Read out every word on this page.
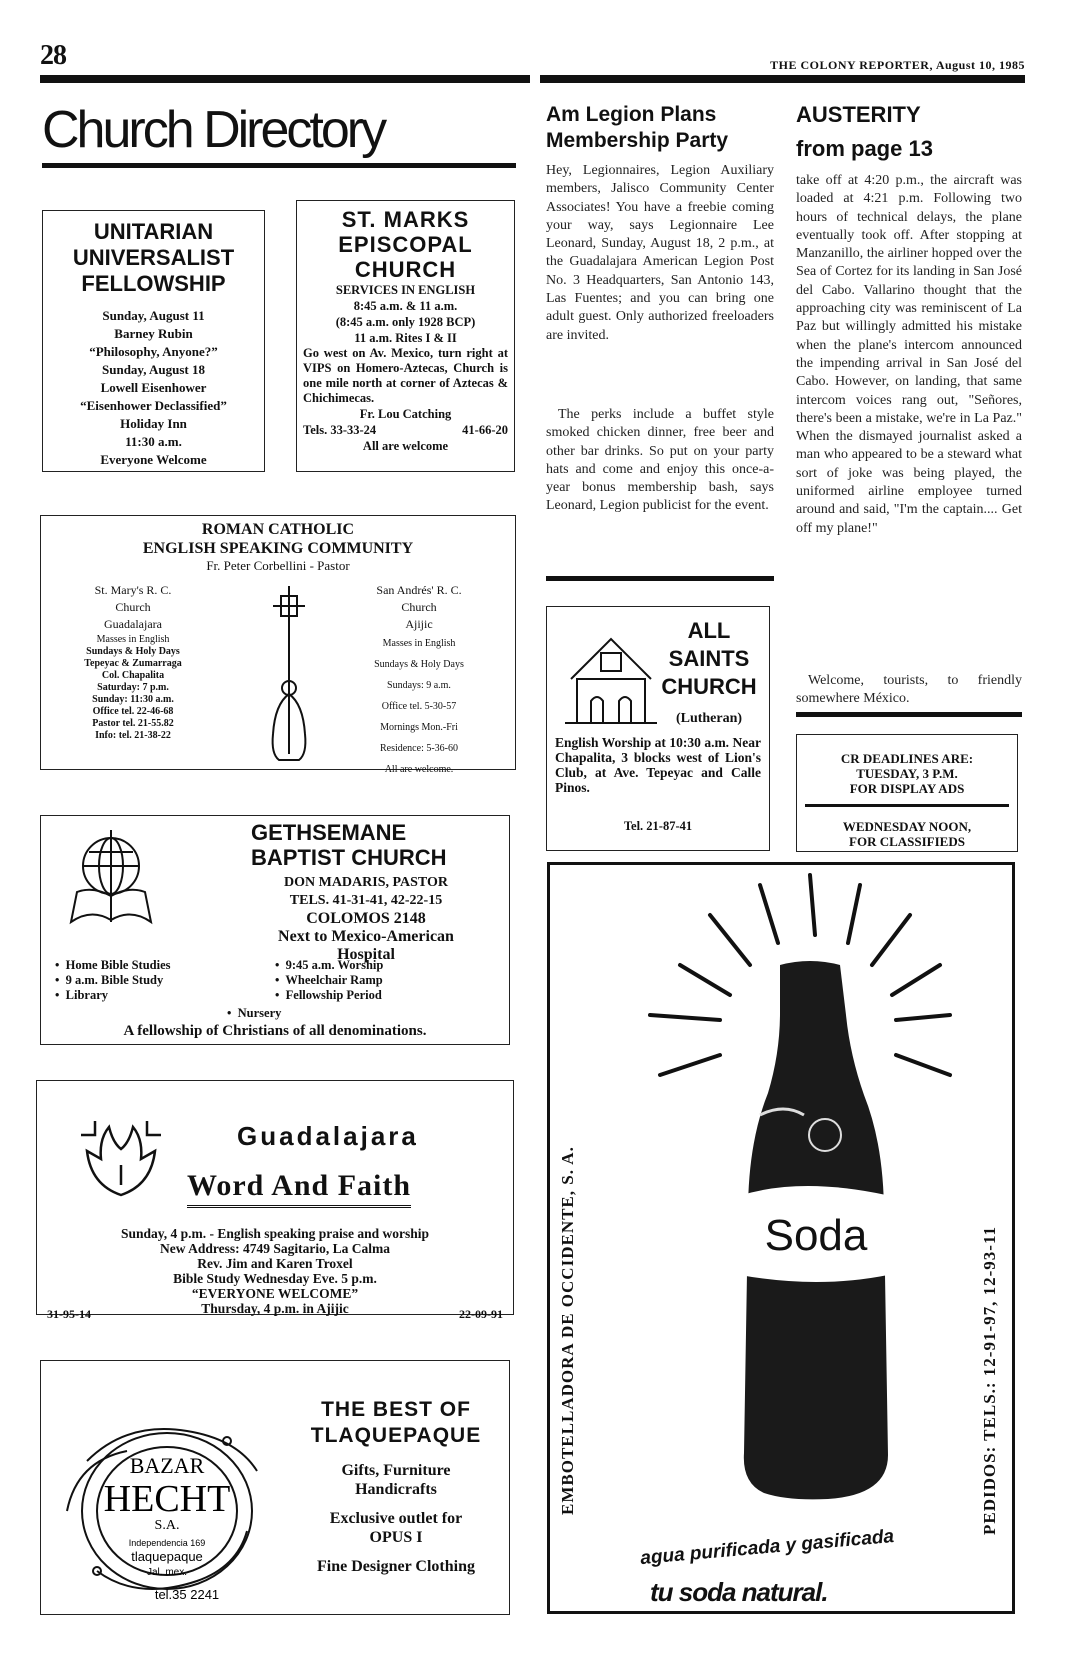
28	THE COLONY REPORTER, August 10, 1985
Church Directory
UNITARIAN
UNIVERSALIST
FELLOWSHIP

Sunday, August 11

Barney Rubin

“Philosophy, Anyone?”

Sunday, August 18

Lowell Eisenhower

“Eisenhower Declassified”

Holiday Inn

11:30 a.m.

Everyone Welcome

ST. MARKS
EPISCOPAL
CHURCH
SERVICES IN ENGLISH
8:45 a.m. & 11 a.m.
(8:45 a.m. only 1928 BCP)
11 a.m. Rites I & II
Go west on Av. Mexico, turn right at VIPS on Homero-Aztecas, Church is one mile north at corner of Aztecas & Chichimecas.
Fr. Lou Catching
Tels. 33-33-24	41-66-20
All are welcome
ROMAN CATHOLIC
ENGLISH SPEAKING COMMUNITY
Fr. Peter Corbellini - Pastor
St. Mary's R. C.
Church
Guadalajara
Masses in English
Sundays & Holy Days
Tepeyac & Zumarraga
Col. Chapalita
Saturday: 7 p.m.
Sunday: 11:30 a.m.
Office tel. 22-46-68
Pastor tel. 21-55.82
Info: tel. 21-38-22
San Andrés' R. C.
Church
Ajijic
Masses in English
Sundays & Holy Days
Sundays: 9 a.m.
Office tel. 5-30-57
Mornings Mon.-Fri
Residence: 5-36-60
All are welcome.
GETHSEMANE
BAPTIST CHURCH
DON MADARIS, PASTOR
TELS. 41-31-41, 42-22-15
COLOMOS 2148
Next to Mexico-American
Hospital
•  Home Bible Studies
•  9 a.m. Bible Study
•  Library
•  9:45 a.m. Worship
•  Wheelchair Ramp
•  Fellowship Period
•  Nursery
A fellowship of Christians of all denominations.
Guadalajara
Word And Faith
Sunday, 4 p.m. - English speaking praise and worship
New Address: 4749 Sagitario, La Calma
Rev. Jim and Karen Troxel
Bible Study Wednesday Eve. 5 p.m.
“EVERYONE WELCOME”
Thursday, 4 p.m. in Ajijic
31-95-14	22-09-91
BAZAR
HECHT
S.A.
Independencia 169
tlaquepaque
Jal. mex.
tel.35 2241
THE BEST OF
TLAQUEPAQUE
Gifts, Furniture
Handicrafts
Exclusive outlet for
OPUS I
Fine Designer Clothing
Am Legion Plans
Membership Party
Hey, Legionnaires, Legion Auxiliary members, Jalisco Community Center Associates! You have a freebie coming your way, says Legionnaire Lee Leonard, Sunday, August 18, 2 p.m., at the Guadalajara American Legion Post No. 3 Headquarters, San Antonio 143, Las Fuentes; and you can bring one adult guest. Only authorized freeloaders are invited.
The perks include a buffet style smoked chicken dinner, free beer and other bar drinks. So put on your party hats and come and enjoy this once-a-year bonus membership bash, says Leonard, Legion publicist for the event.
ALL
SAINTS
CHURCH
(Lutheran)
English Worship at 10:30 a.m. Near Chapalita, 3 blocks west of Lion's Club, at Ave. Tepeyac and Calle Pinos.
Tel. 21-87-41
AUSTERITY
from page 13
take off at 4:20 p.m., the aircraft was loaded at 4:21 p.m. Following two hours of technical delays, the plane eventually took off. After stopping at Manzanillo, the airliner hopped over the Sea of Cortez for its landing in San José del Cabo. Vallarino thought that the approaching city was reminiscent of La Paz but willingly admitted his mistake when the plane's intercom announced the impending arrival in San José del Cabo. However, on landing, that same intercom voices rang out, "Señores, there's been a mistake, we're in La Paz." When the dismayed journalist asked a man who appeared to be a steward what sort of joke was being played, the uniformed airline employee turned around and said, "I'm the captain.... Get off my plane!"
Welcome, tourists, to friendly somewhere México.
CR DEADLINES ARE:
TUESDAY, 3 P.M.
FOR DISPLAY ADS
WEDNESDAY NOON,
FOR CLASSIFIEDS
EMBOTELLADORA DE OCCIDENTE, S. A.	PEDIDOS: TELS.: 12-91-97, 12-93-11
Soda
agua purificada y gasificada
tu soda natural.
